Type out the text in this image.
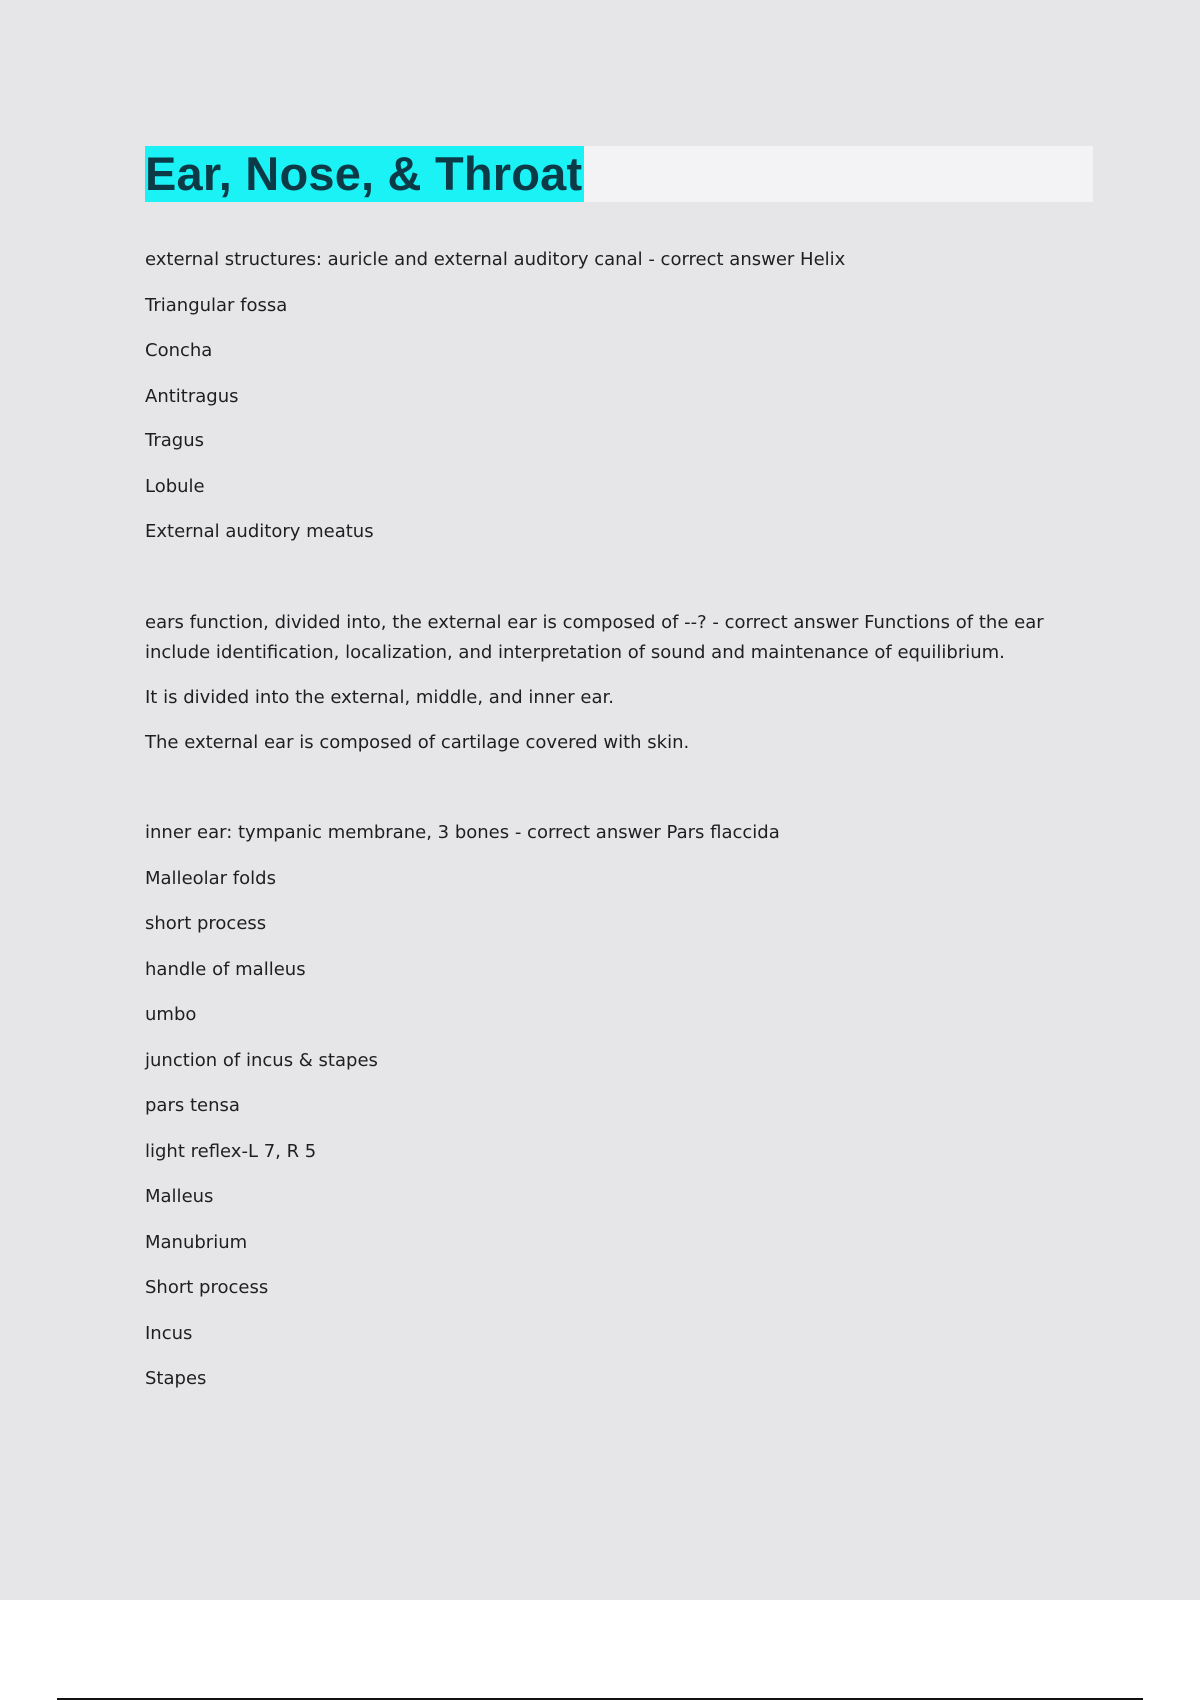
Ear, Nose, & Throat
external structures: auricle and external auditory canal - correct answer Helix
Triangular fossa
Concha
Antitragus
Tragus
Lobule
External auditory meatus
ears function, divided into, the external ear is composed of --? - correct answer Functions of the ear include identification, localization, and interpretation of sound and maintenance of equilibrium.
It is divided into the external, middle, and inner ear.
The external ear is composed of cartilage covered with skin.
inner ear: tympanic membrane, 3 bones - correct answer Pars flaccida
Malleolar folds
short process
handle of malleus
umbo
junction of incus & stapes
pars tensa
light reflex-L 7, R 5
Malleus
Manubrium
Short process
Incus
Stapes
